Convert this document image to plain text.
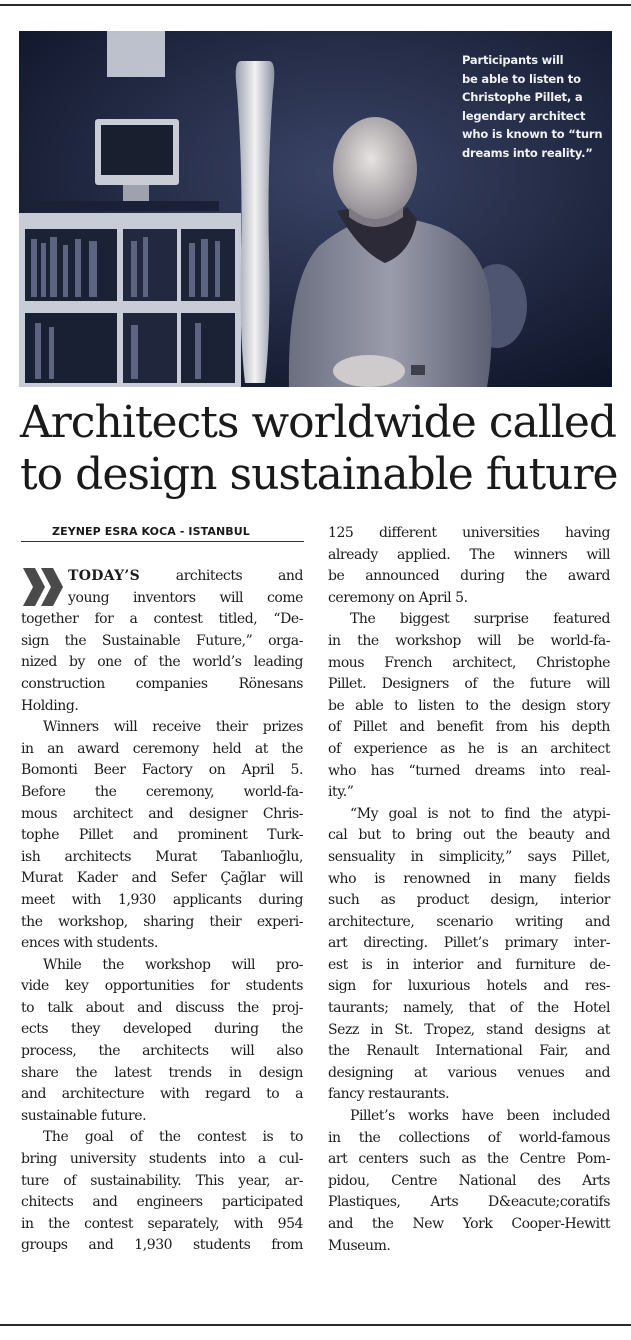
Participants will
be able to listen to
Christophe Pillet, a
legendary architect
who is known to “turn
dreams into reality.”
Architects worldwide called
to design sustainable future
ZEYNEP ESRA KOCA - ISTANBUL
TODAY’S	architects and
young inventors will come
together for a contest titled, “De-
sign the Sustainable Future,” orga-
nized by one of the world’s leading
construction companies Rönesans
Holding.
Winners will receive their prizes
in an award ceremony held at the
Bomonti Beer Factory on April 5.
Before the ceremony, world-fa-
mous architect and designer Chris-
tophe Pillet and prominent Turk-
ish architects Murat Tabanlıoğlu,
Murat Kader and Sefer Çağlar will
meet with 1,930 applicants during
the workshop, sharing their experi-
ences with students.
While the workshop will pro-
vide key opportunities for students
to talk about and discuss the proj-
ects they developed during the
process, the architects will also
share the latest trends in design
and architecture with regard to a
sustainable future.
The goal of the contest is to
bring university students into a cul-
ture of sustainability. This year, ar-
chitects and engineers participated
in the contest separately, with 954
groups and 1,930 students from
125 different universities having
already applied. The winners will
be announced during the award
ceremony on April 5.
The biggest surprise featured
in the workshop will be world-fa-
mous French architect, Christophe
Pillet. Designers of the future will
be able to listen to the design story
of Pillet and benefit from his depth
of experience as he is an architect
who has “turned dreams into real-
ity.”
“My goal is not to find the atypi-
cal but to bring out the beauty and
sensuality in simplicity,” says Pillet,
who is renowned in many fields
such as product design, interior
architecture, scenario writing and
art directing. Pillet’s primary inter-
est is in interior and furniture de-
sign for luxurious hotels and res-
taurants; namely, that of the Hotel
Sezz in St. Tropez, stand designs at
the Renault International Fair, and
designing at various venues and
fancy restaurants.
Pillet’s works have been included
in the collections of world-famous
art centers such as the Centre Pom-
pidou, Centre National des Arts
Plastiques, Arts D&eacute;coratifs
and the New York Cooper-Hewitt
Museum.
